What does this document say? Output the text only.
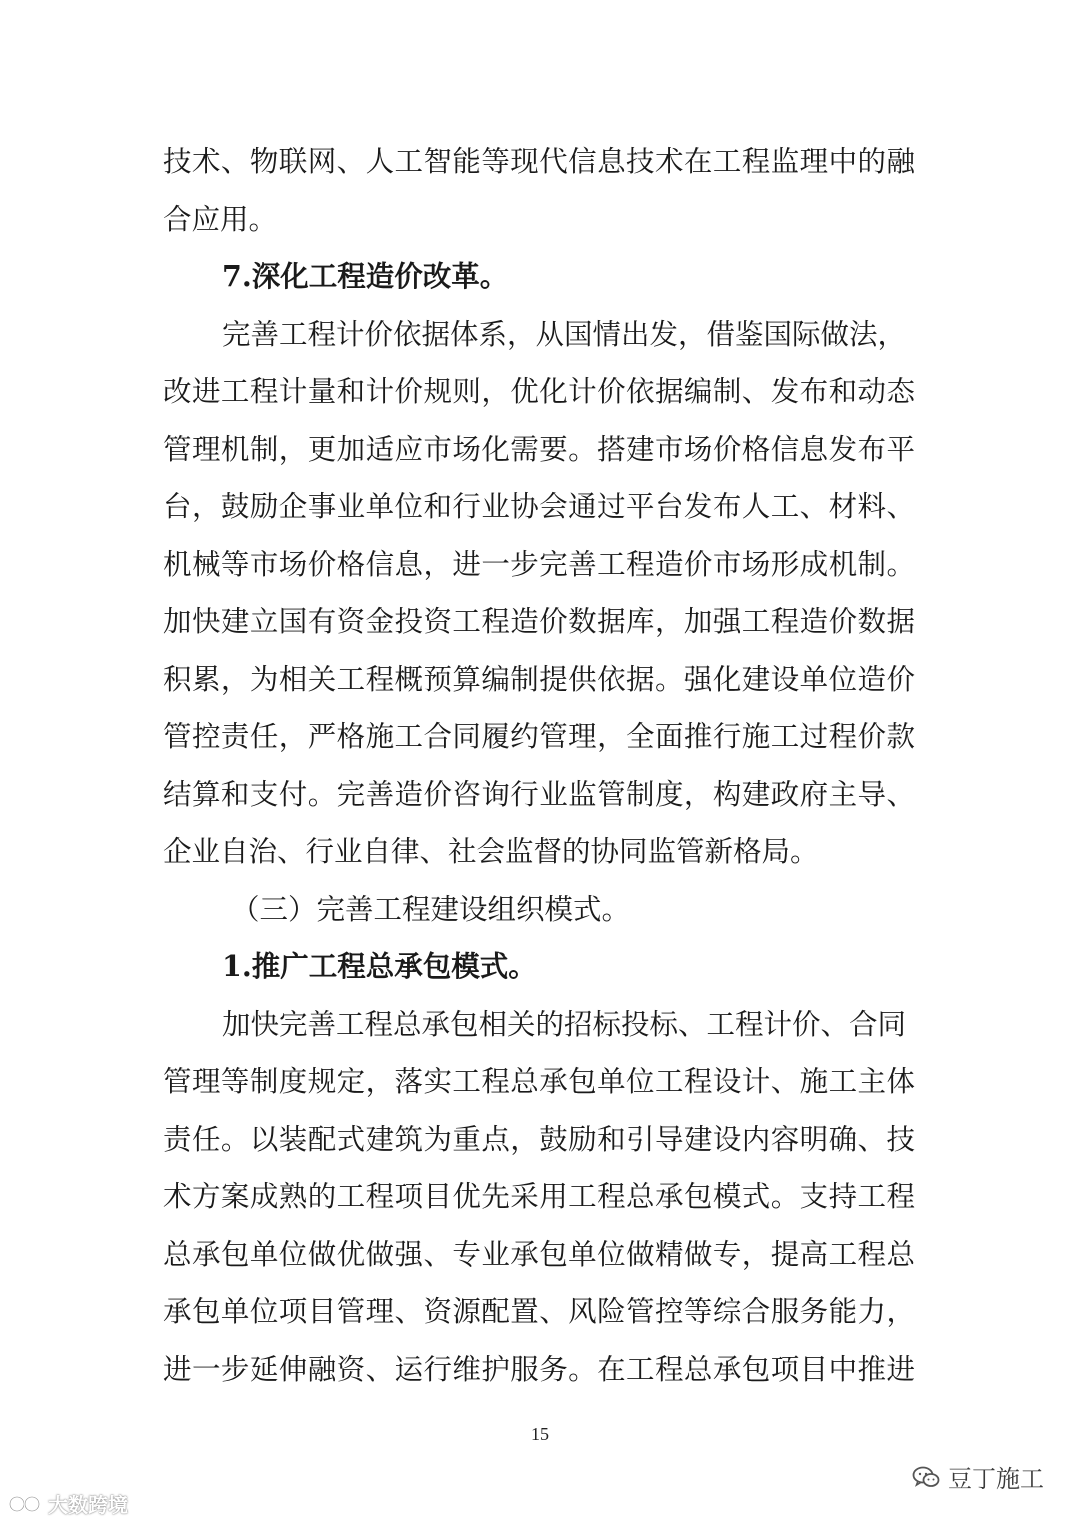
技术、物联网、人工智能等现代信息技术在工程监理中的融
合应用。
7.深化工程造价改革。
完善工程计价依据体系，从国情出发，借鉴国际做法，
改进工程计量和计价规则，优化计价依据编制、发布和动态
管理机制，更加适应市场化需要。搭建市场价格信息发布平
台，鼓励企事业单位和行业协会通过平台发布人工、材料、
机械等市场价格信息，进一步完善工程造价市场形成机制。
加快建立国有资金投资工程造价数据库，加强工程造价数据
积累，为相关工程概预算编制提供依据。强化建设单位造价
管控责任，严格施工合同履约管理，全面推行施工过程价款
结算和支付。完善造价咨询行业监管制度，构建政府主导、
企业自治、行业自律、社会监督的协同监管新格局。
（三）完善工程建设组织模式。
1.推广工程总承包模式。
加快完善工程总承包相关的招标投标、工程计价、合同
管理等制度规定，落实工程总承包单位工程设计、施工主体
责任。以装配式建筑为重点，鼓励和引导建设内容明确、技
术方案成熟的工程项目优先采用工程总承包模式。支持工程
总承包单位做优做强、专业承包单位做精做专，提高工程总
承包单位项目管理、资源配置、风险管控等综合服务能力，
进一步延伸融资、运行维护服务。在工程总承包项目中推进
15
豆丁施工
大数跨境
